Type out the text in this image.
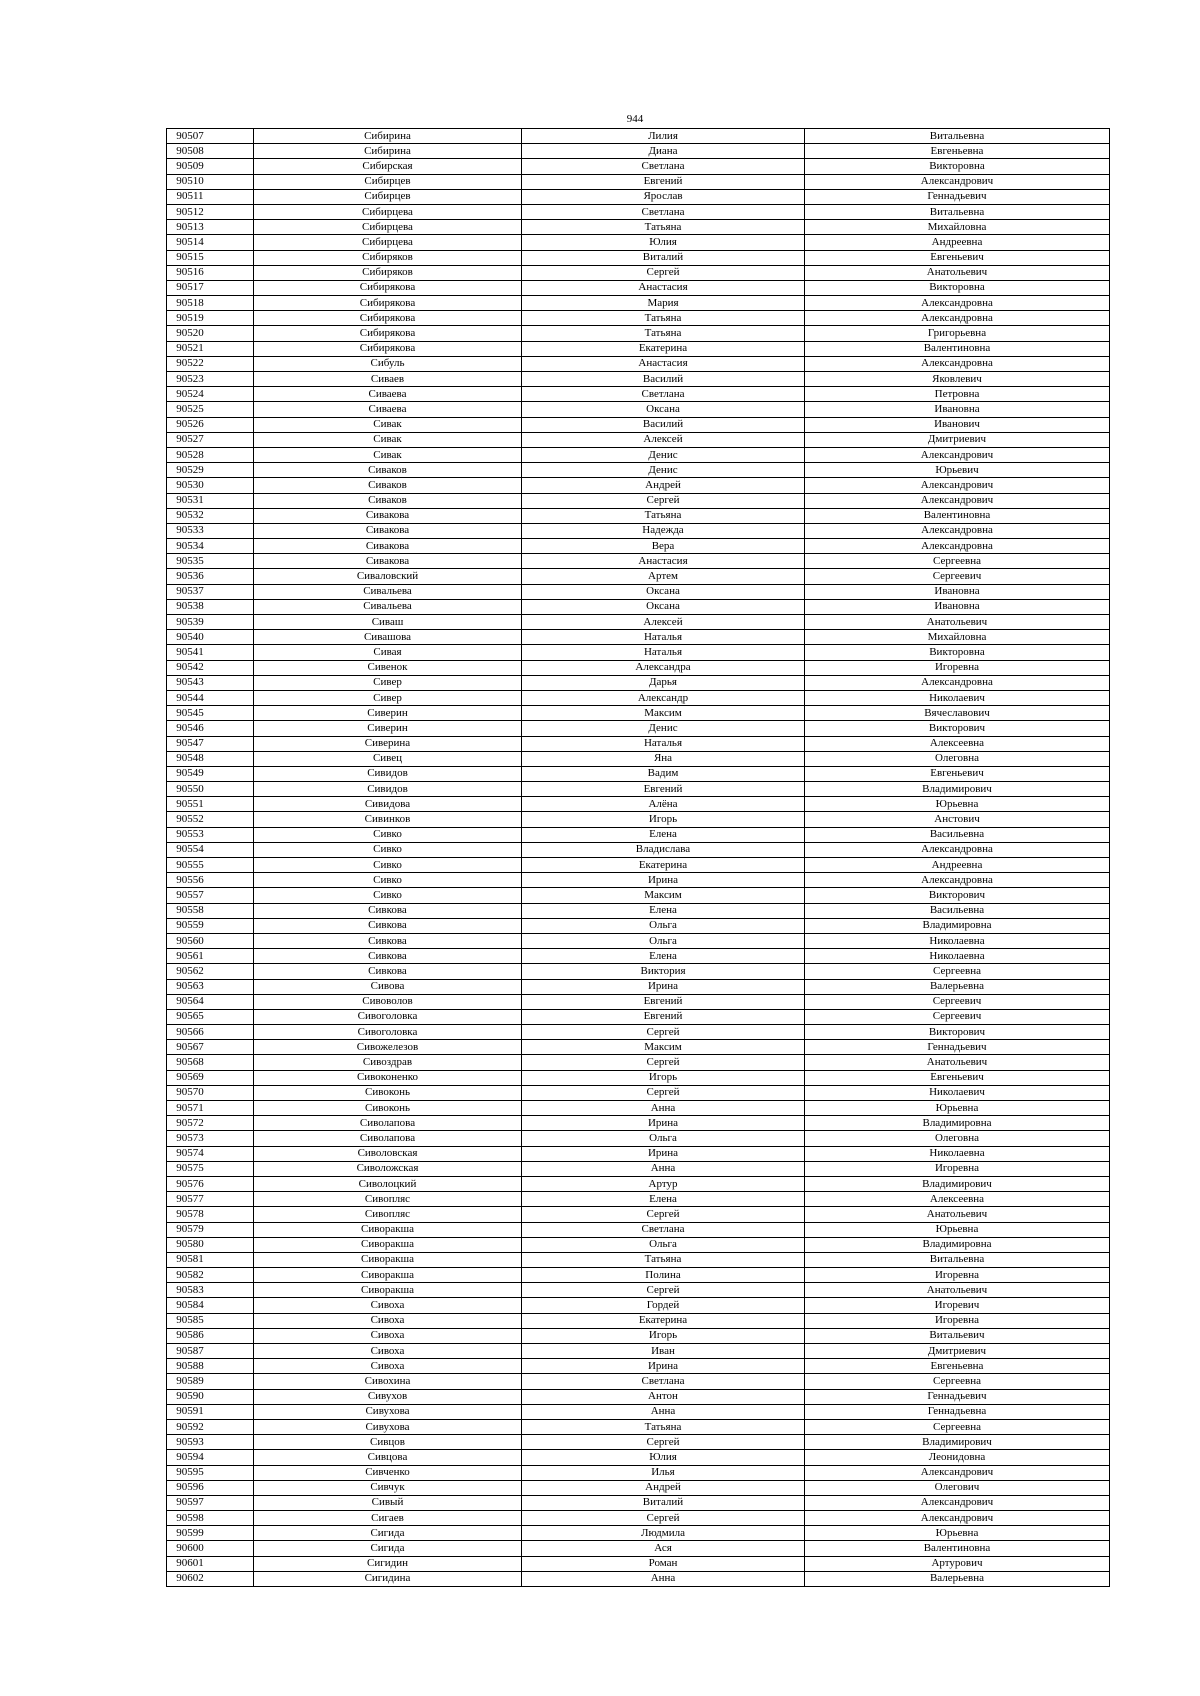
944
90507	Сибирина	Лилия	Витальевна
90508	Сибирина	Диана	Евгеньевна
90509	Сибирская	Светлана	Викторовна
90510	Сибирцев	Евгений	Александрович
90511	Сибирцев	Ярослав	Геннадьевич
90512	Сибирцева	Светлана	Витальевна
90513	Сибирцева	Татьяна	Михайловна
90514	Сибирцева	Юлия	Андреевна
90515	Сибиряков	Виталий	Евгеньевич
90516	Сибиряков	Сергей	Анатольевич
90517	Сибирякова	Анастасия	Викторовна
90518	Сибирякова	Мария	Александровна
90519	Сибирякова	Татьяна	Александровна
90520	Сибирякова	Татьяна	Григорьевна
90521	Сибирякова	Екатерина	Валентиновна
90522	Сибуль	Анастасия	Александровна
90523	Сиваев	Василий	Яковлевич
90524	Сиваева	Светлана	Петровна
90525	Сиваева	Оксана	Ивановна
90526	Сивак	Василий	Иванович
90527	Сивак	Алексей	Дмитриевич
90528	Сивак	Денис	Александрович
90529	Сиваков	Денис	Юрьевич
90530	Сиваков	Андрей	Александрович
90531	Сиваков	Сергей	Александрович
90532	Сивакова	Татьяна	Валентиновна
90533	Сивакова	Надежда	Александровна
90534	Сивакова	Вера	Александровна
90535	Сивакова	Анастасия	Сергеевна
90536	Сиваловский	Артем	Сергеевич
90537	Сивальева	Оксана	Ивановна
90538	Сивальева	Оксана	Ивановна
90539	Сиваш	Алексей	Анатольевич
90540	Сивашова	Наталья	Михайловна
90541	Сивая	Наталья	Викторовна
90542	Сивенок	Александра	Игоревна
90543	Сивер	Дарья	Александровна
90544	Сивер	Александр	Николаевич
90545	Сиверин	Максим	Вячеславович
90546	Сиверин	Денис	Викторович
90547	Сиверина	Наталья	Алексеевна
90548	Сивец	Яна	Олеговна
90549	Сивидов	Вадим	Евгеньевич
90550	Сивидов	Евгений	Владимирович
90551	Сивидова	Алёна	Юрьевна
90552	Сивинков	Игорь	Анстович
90553	Сивко	Елена	Васильевна
90554	Сивко	Владислава	Александровна
90555	Сивко	Екатерина	Андреевна
90556	Сивко	Ирина	Александровна
90557	Сивко	Максим	Викторович
90558	Сивкова	Елена	Васильевна
90559	Сивкова	Ольга	Владимировна
90560	Сивкова	Ольга	Николаевна
90561	Сивкова	Елена	Николаевна
90562	Сивкова	Виктория	Сергеевна
90563	Сивова	Ирина	Валерьевна
90564	Сивоволов	Евгений	Сергеевич
90565	Сивоголовка	Евгений	Сергеевич
90566	Сивоголовка	Сергей	Викторович
90567	Сивожелезов	Максим	Геннадьевич
90568	Сивоздрав	Сергей	Анатольевич
90569	Сивоконенко	Игорь	Евгеньевич
90570	Сивоконь	Сергей	Николаевич
90571	Сивоконь	Анна	Юрьевна
90572	Сиволапова	Ирина	Владимировна
90573	Сиволапова	Ольга	Олеговна
90574	Сиволовская	Ирина	Николаевна
90575	Сиволожская	Анна	Игоревна
90576	Сиволоцкий	Артур	Владимирович
90577	Сивопляс	Елена	Алексеевна
90578	Сивопляс	Сергей	Анатольевич
90579	Сиворакша	Светлана	Юрьевна
90580	Сиворакша	Ольга	Владимировна
90581	Сиворакша	Татьяна	Витальевна
90582	Сиворакша	Полина	Игоревна
90583	Сиворакша	Сергей	Анатольевич
90584	Сивоха	Гордей	Игоревич
90585	Сивоха	Екатерина	Игоревна
90586	Сивоха	Игорь	Витальевич
90587	Сивоха	Иван	Дмитриевич
90588	Сивоха	Ирина	Евгеньевна
90589	Сивохина	Светлана	Сергеевна
90590	Сивухов	Антон	Геннадьевич
90591	Сивухова	Анна	Геннадьевна
90592	Сивухова	Татьяна	Сергеевна
90593	Сивцов	Сергей	Владимирович
90594	Сивцова	Юлия	Леонидовна
90595	Сивченко	Илья	Александрович
90596	Сивчук	Андрей	Олегович
90597	Сивый	Виталий	Александрович
90598	Сигаев	Сергей	Александрович
90599	Сигида	Людмила	Юрьевна
90600	Сигида	Ася	Валентиновна
90601	Сигидин	Роман	Артурович
90602	Сигидина	Анна	Валерьевна
